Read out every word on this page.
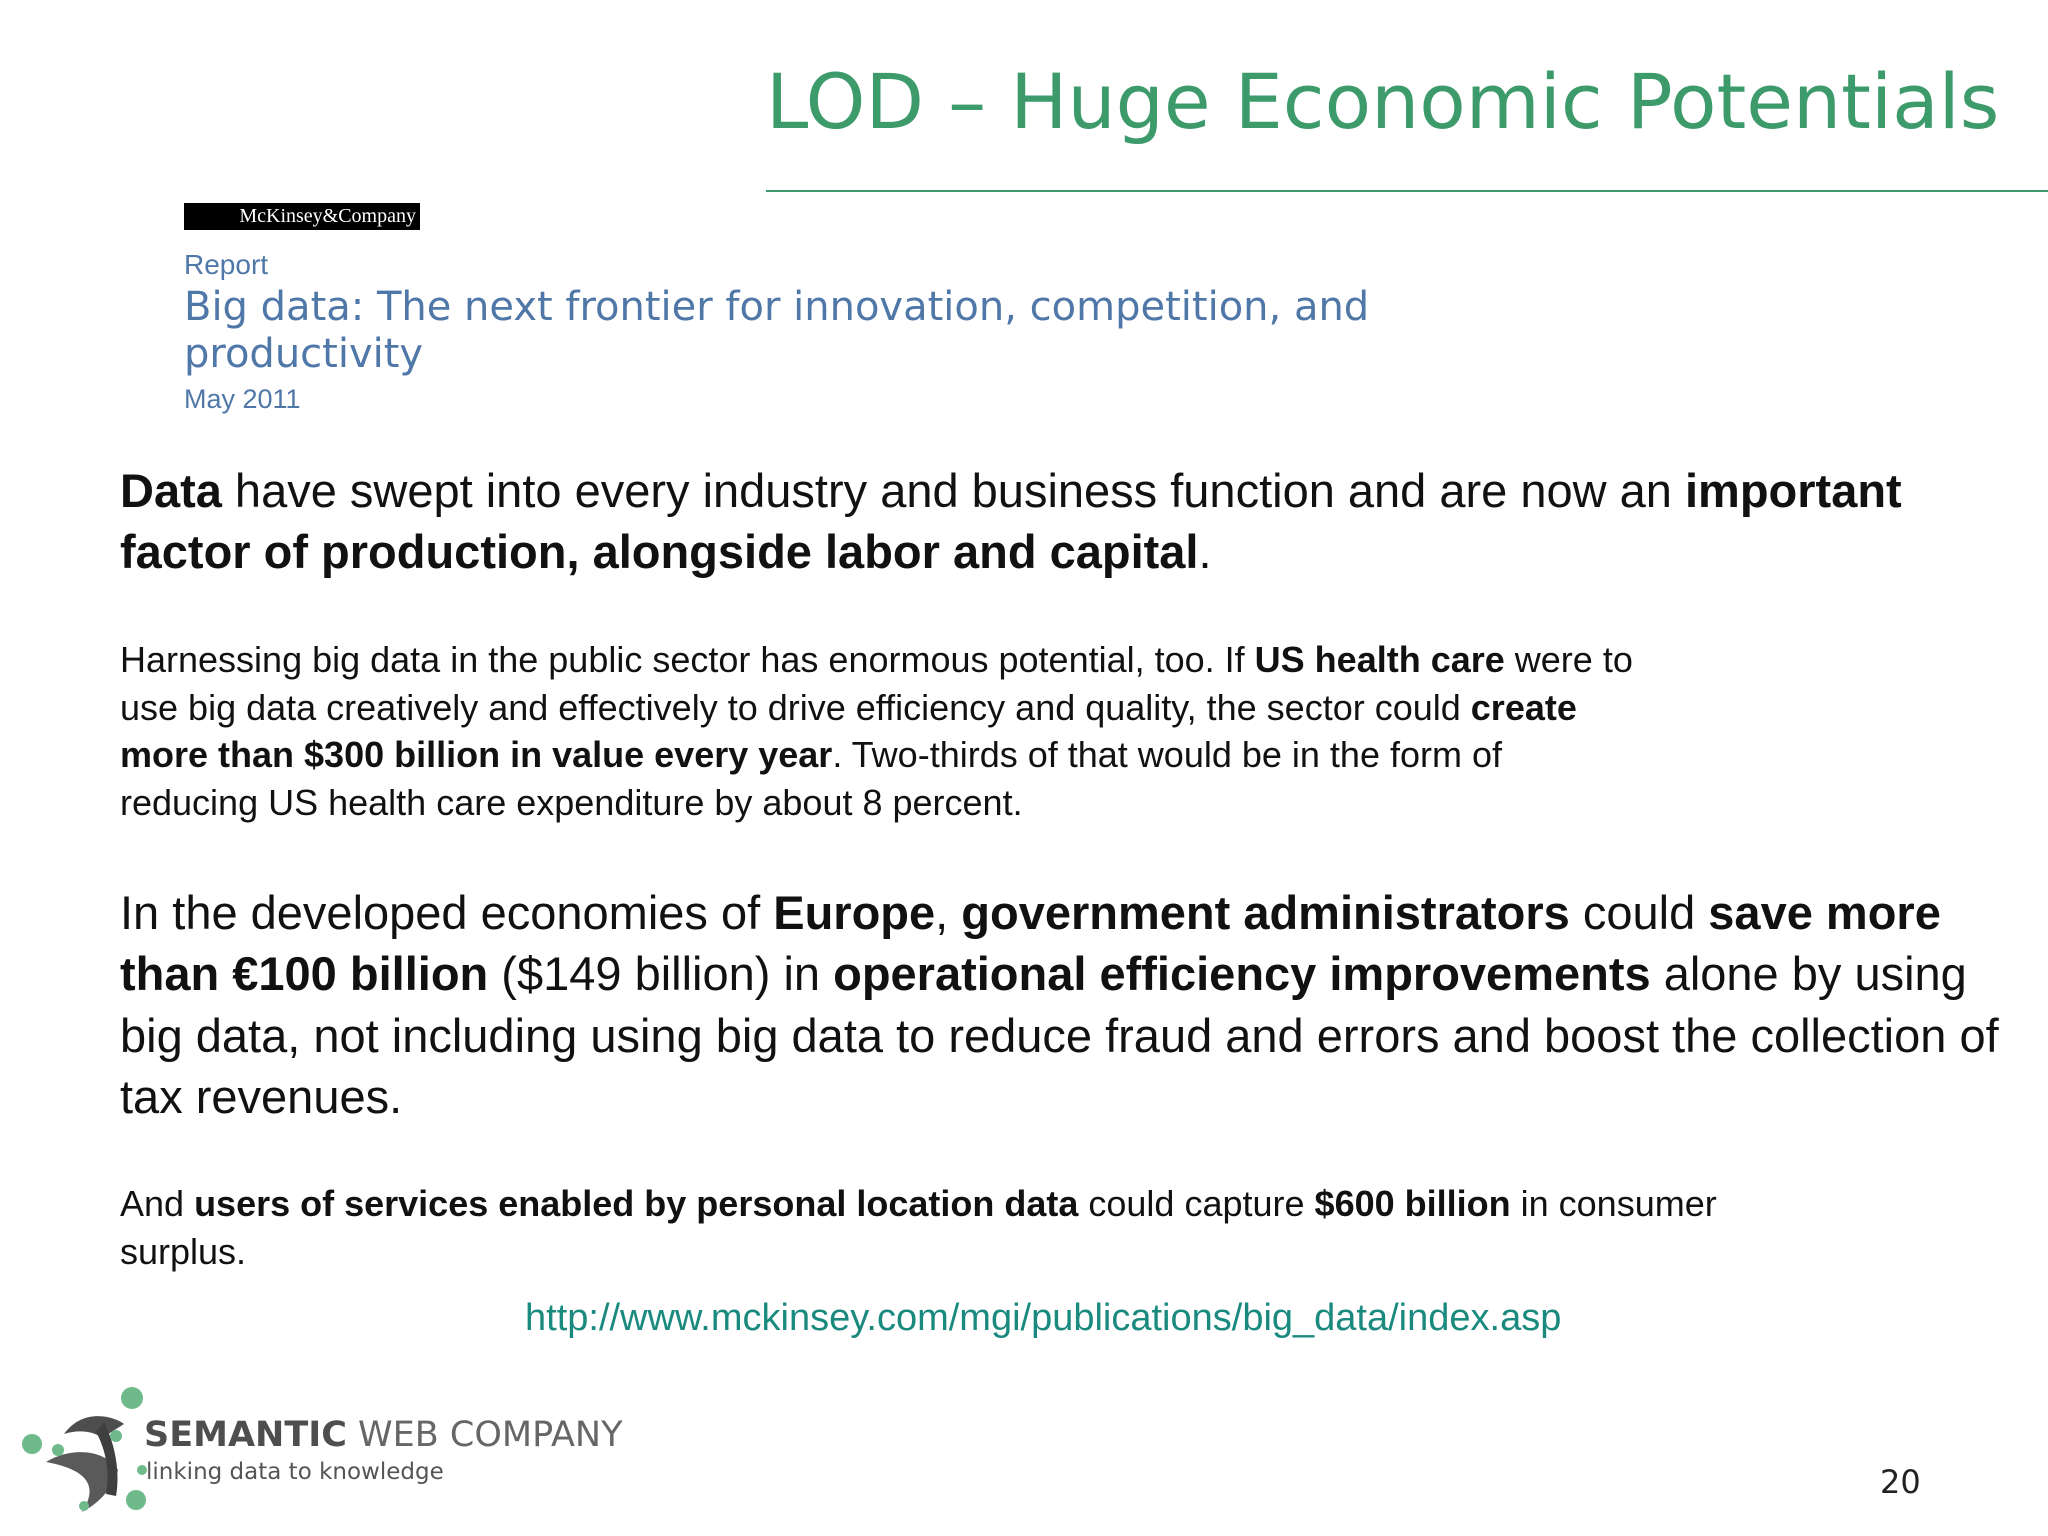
LOD – Huge Economic Potentials
McKinsey&Company
Report
Big data: The next frontier for innovation, competition, and productivity
May 2011

Data have swept into every industry and business function and are now an important factor of production, alongside labor and capital.

Harnessing big data in the public sector has enormous potential, too. If US health care were to use big data creatively and effectively to drive efficiency and quality, the sector could create more than $300 billion in value every year. Two-thirds of that would be in the form of reducing US health care expenditure by about 8 percent.

In the developed economies of Europe, government administrators could save more than €100 billion ($149 billion) in operational efficiency improvements alone by using big data, not including using big data to reduce fraud and errors and boost the collection of tax revenues.

And users of services enabled by personal location data could capture $600 billion in consumer surplus.

http://www.mckinsey.com/mgi/publications/big_data/index.asp
SEMANTIC WEB COMPANY
linking data to knowledge	20
